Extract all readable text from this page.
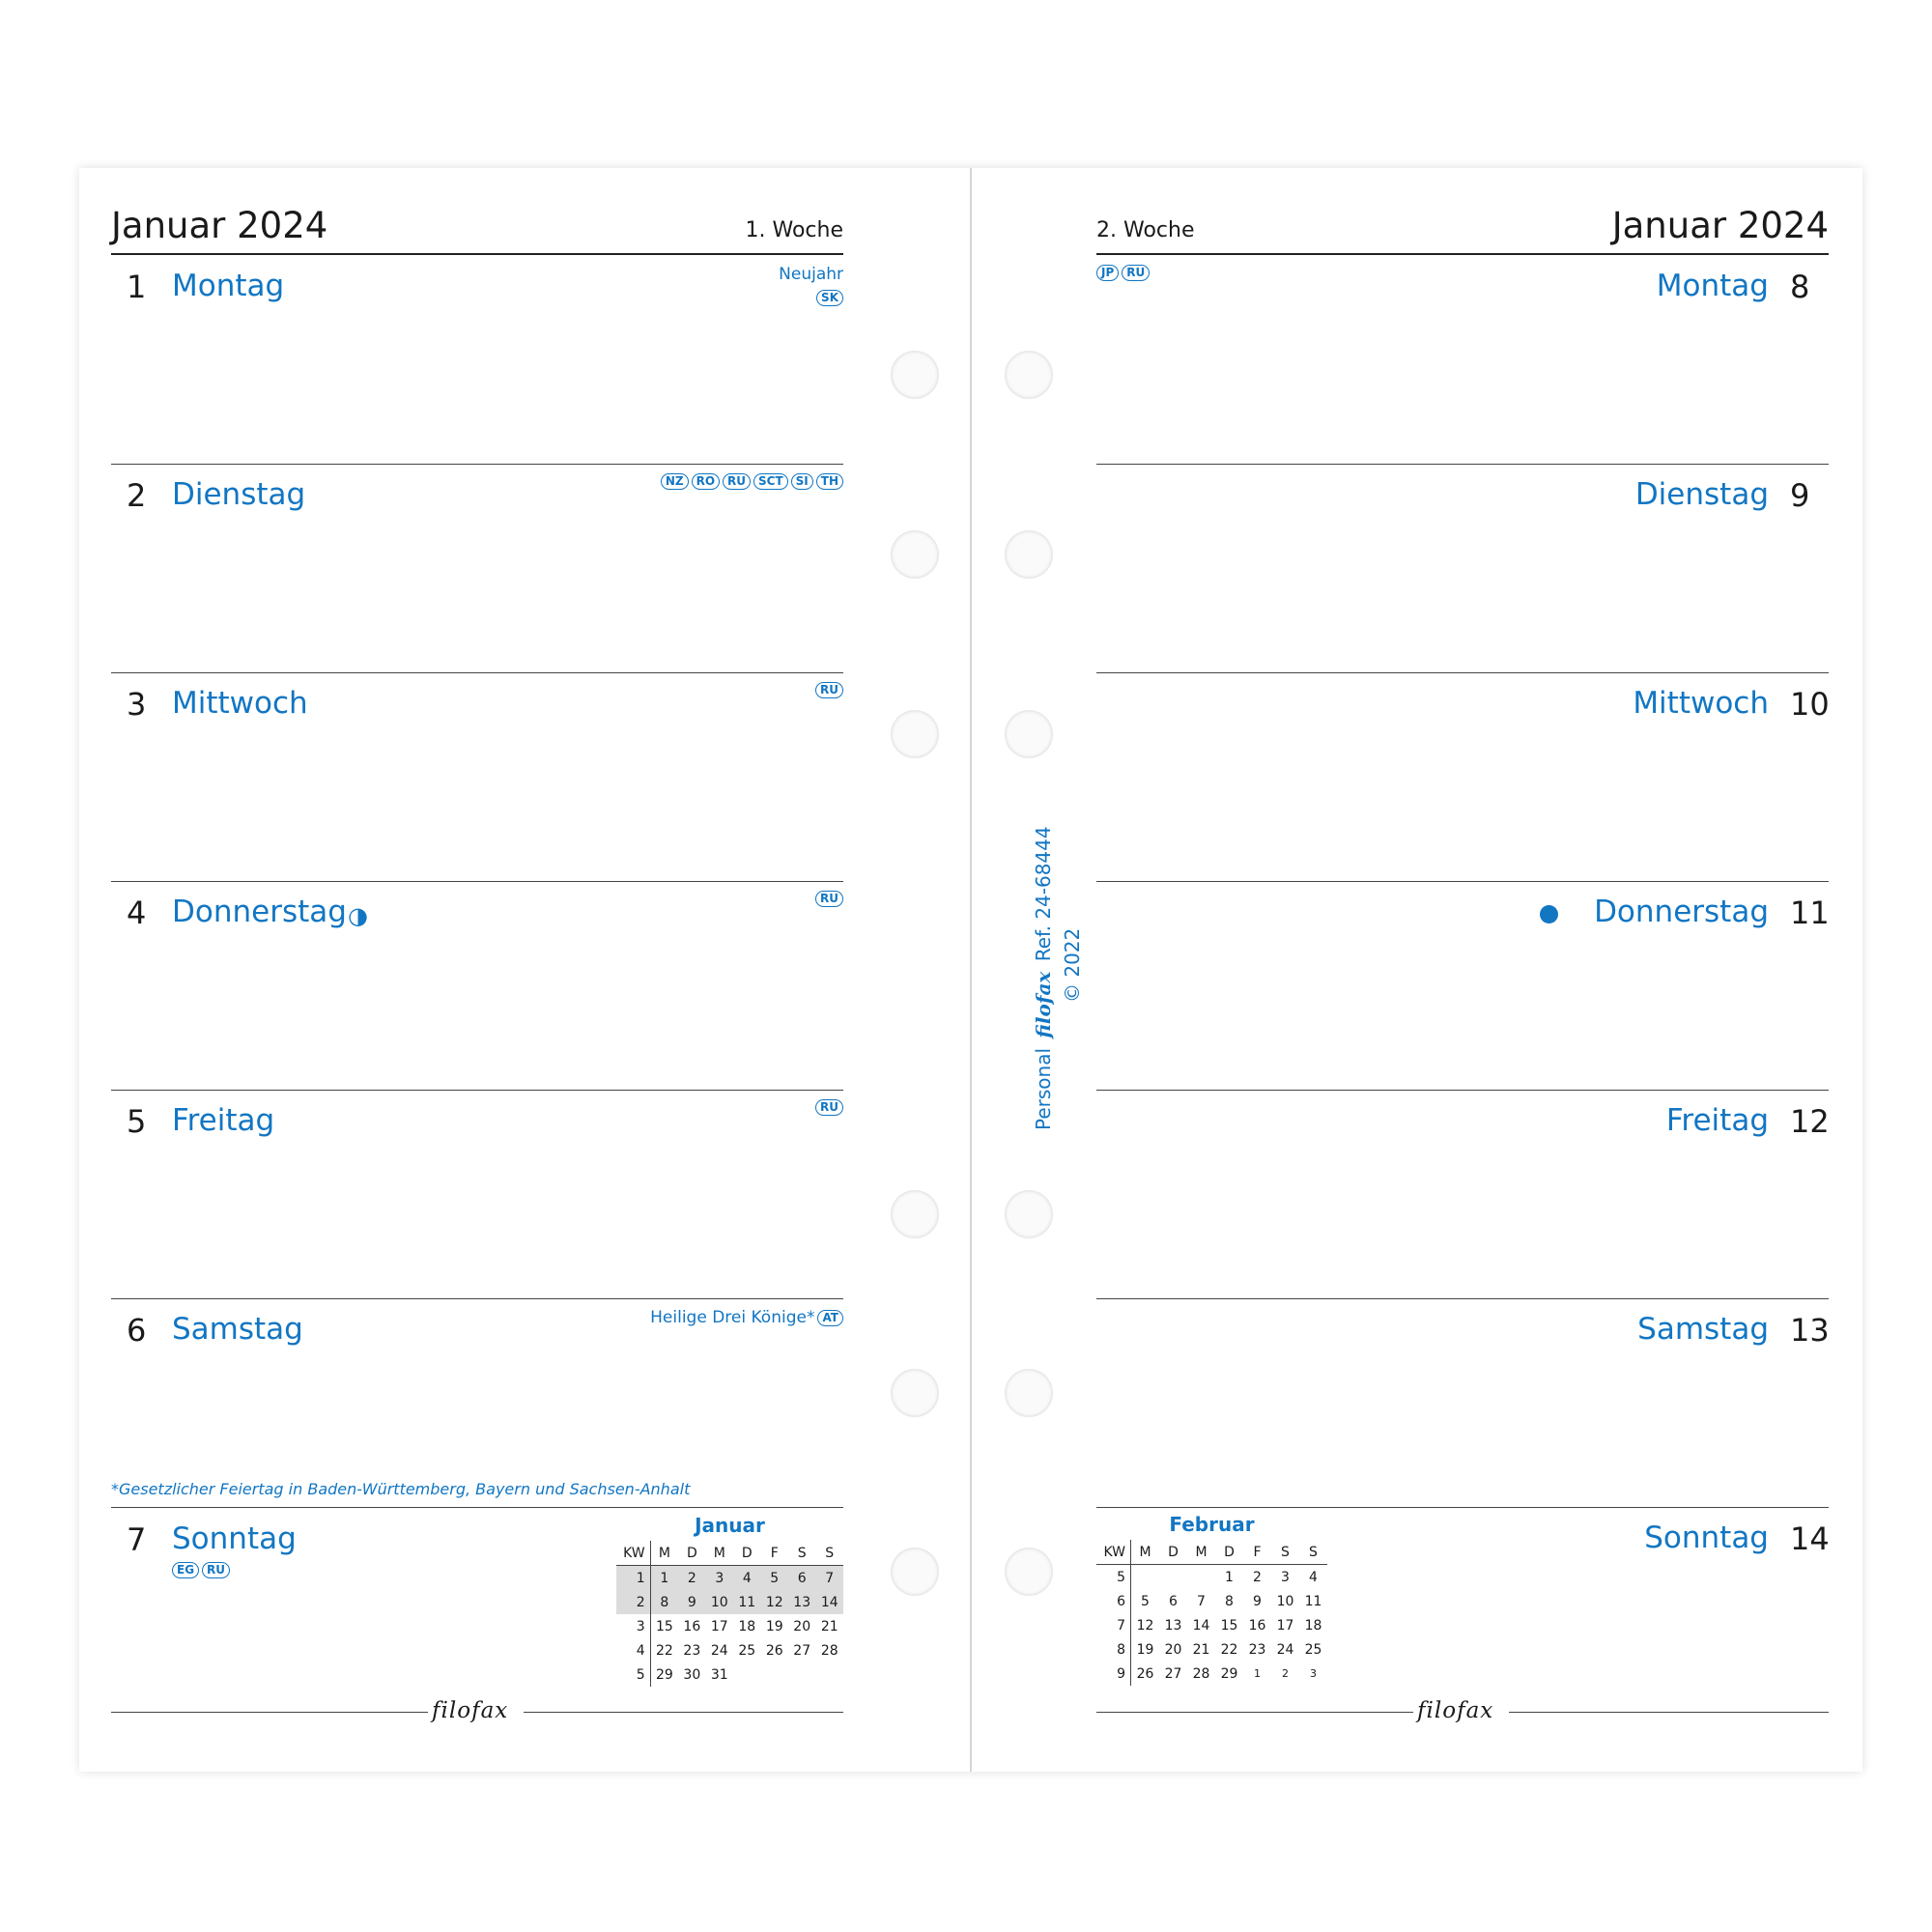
Januar 2024	1. Woche
1 Montag	Neujahr
SK
2 Dienstag	NZ	RO	RU	SCT	SI	TH
3 Mittwoch	RU
4 Donnerstag ◑
RU
5 Freitag	RU
6 Samstag	Heilige Drei Könige* AT
*Gesetzlicher Feiertag in Baden-Württemberg, Bayern und Sachsen-Anhalt
7 Sonntag
EG	RU
Januar
KW	M	D	M	D	F	S	S
1	1	2	3	4	5	6	7
2	8	9	10	11	12	13	14
3	15	16	17	18	19	20	21
4	22	23	24	25	26	27	28
5	29	30	31				
filofax
2. Woche	Januar 2024
JP	RU	Montag 8
Dienstag 9
Mittwoch 10
Donnerstag 11
Freitag 12
Samstag 13
Sonntag 14
Februar
KW	M	D	M	D	F	S	S
5				1	2	3	4
6	5	6	7	8	9	10	11
7	12	13	14	15	16	17	18
8	19	20	21	22	23	24	25
9	26	27	28	29	1	2	3
filofax
Personal filofax Ref. 24-68444
© 2022
